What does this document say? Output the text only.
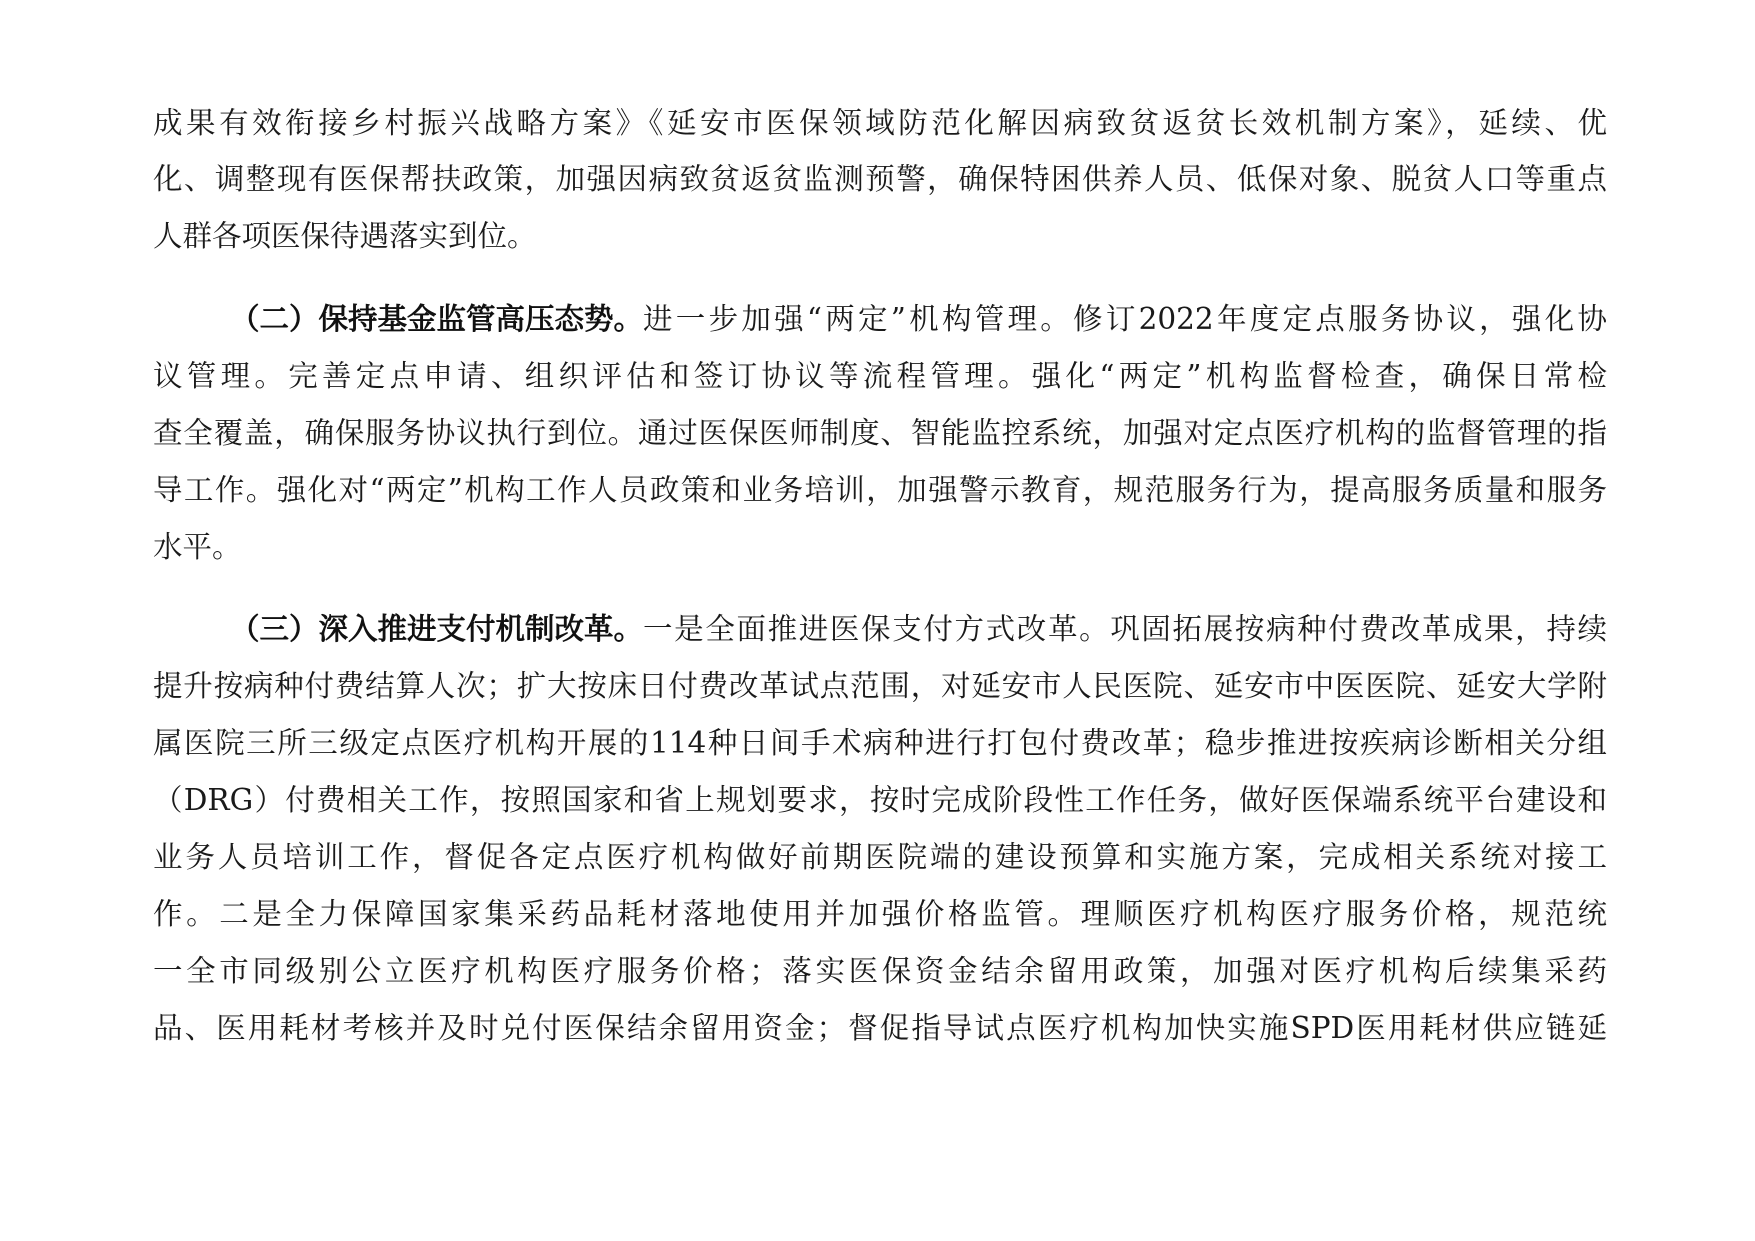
成果有效衔接乡村振兴战略方案》《延安市医保领域防范化解因病致贫返贫长效机制方案》，延续、优
化、调整现有医保帮扶政策，加强因病致贫返贫监测预警，确保特困供养人员、低保对象、脱贫人口等重点
人群各项医保待遇落实到位。
（二）保持基金监管高压态势。 进一步加强“两定”机构管理。修订2022年度定点服务协议，强化协
议管理。完善定点申请、组织评估和签订协议等流程管理。强化“两定”机构监督检查，确保日常检
查全覆盖，确保服务协议执行到位。通过医保医师制度、智能监控系统，加强对定点医疗机构的监督管理的指
导工作。强化对“两定”机构工作人员政策和业务培训，加强警示教育，规范服务行为，提高服务质量和服务
水平。
（三）深入推进支付机制改革。 一是全面推进医保支付方式改革。巩固拓展按病种付费改革成果，持续
提升按病种付费结算人次；扩大按床日付费改革试点范围，对延安市人民医院、延安市中医医院、延安大学附
属医院三所三级定点医疗机构开展的114种日间手术病种进行打包付费改革；稳步推进按疾病诊断相关分组
（DRG）付费相关工作，按照国家和省上规划要求，按时完成阶段性工作任务，做好医保端系统平台建设和
业务人员培训工作，督促各定点医疗机构做好前期医院端的建设预算和实施方案，完成相关系统对接工
作。二是全力保障国家集采药品耗材落地使用并加强价格监管。理顺医疗机构医疗服务价格，规范统
一全市同级别公立医疗机构医疗服务价格；落实医保资金结余留用政策，加强对医疗机构后续集采药
品、医用耗材考核并及时兑付医保结余留用资金；督促指导试点医疗机构加快实施SPD医用耗材供应链延
